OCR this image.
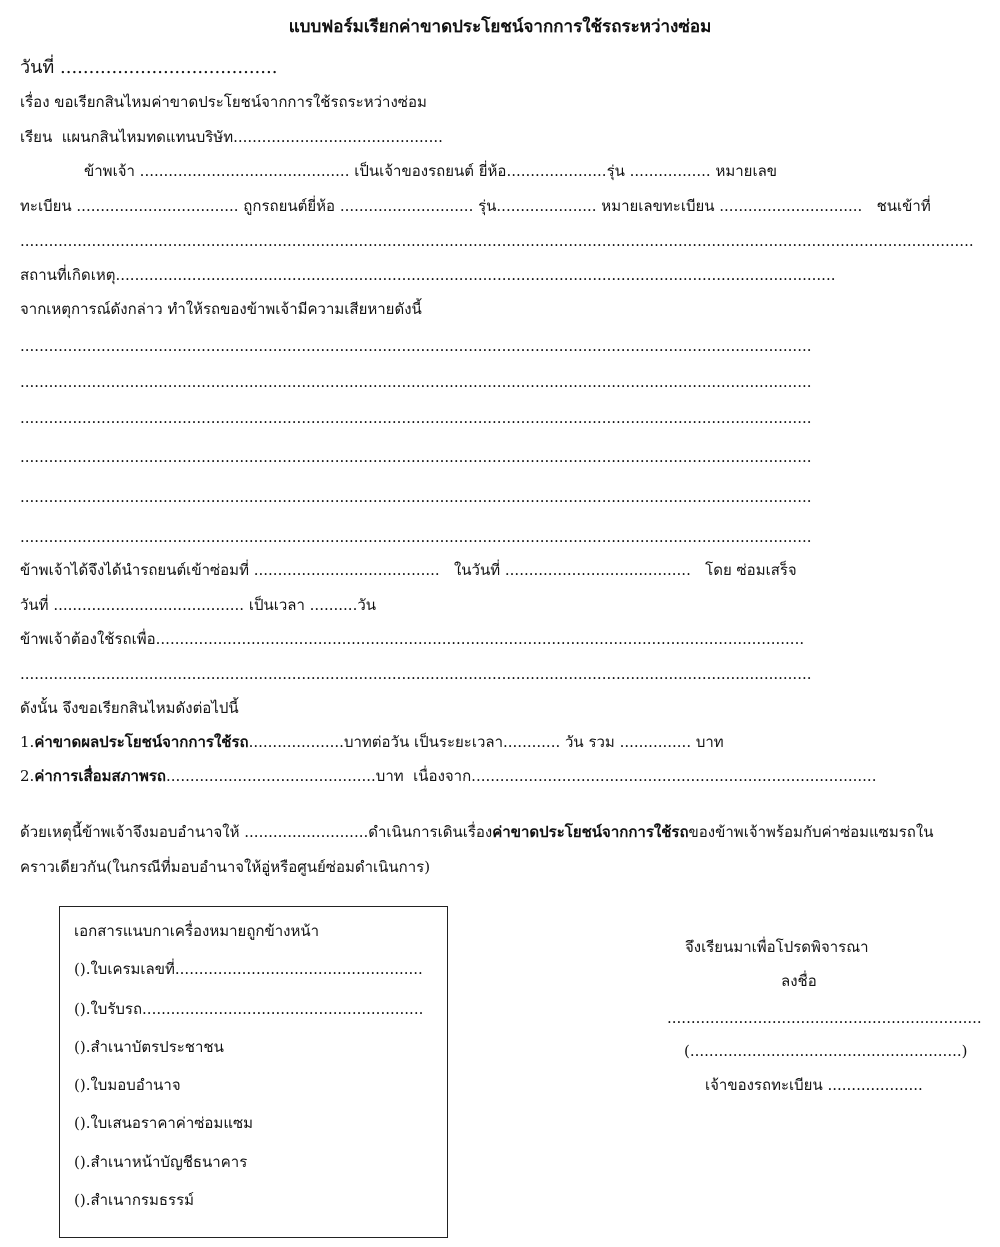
แบบฟอร์มเรียกค่าขาดประโยชน์จากการใช้รถระหว่างซ่อม
วันที่ ......................................
เรื่อง ขอเรียกสินไหมค่าขาดประโยชน์จากการใช้รถระหว่างซ่อม
เรียน  แผนกสินไหมทดแทนบริษัท............................................
ข้าพเจ้า ............................................ เป็นเจ้าของรถยนต์ ยี่ห้อ.....................รุ่น ................. หมายเลข
ทะเบียน .................................. ถูกรถยนต์ยี่ห้อ ............................ รุ่น..................... หมายเลขทะเบียน ..............................   ชนเข้าที่
........................................................................................................................................................................................................
สถานที่เกิดเหตุ.......................................................................................................................................................
จากเหตุการณ์ดังกล่าว ทำให้รถของข้าพเจ้ามีความเสียหายดังนี้
......................................................................................................................................................................
......................................................................................................................................................................
......................................................................................................................................................................
......................................................................................................................................................................
......................................................................................................................................................................
......................................................................................................................................................................
ข้าพเจ้าได้จึงได้นำรถยนต์เข้าซ่อมที่ .......................................   ในวันที่ .......................................   โดย ซ่อมเสร็จ
วันที่ ........................................ เป็นเวลา ..........วัน
ข้าพเจ้าต้องใช้รถเพื่อ........................................................................................................................................
......................................................................................................................................................................
ดังนั้น จึงขอเรียกสินไหมดังต่อไปนี้
1.ค่าขาดผลประโยชน์จากการใช้รถ....................บาทต่อวัน เป็นระยะเวลา............ วัน รวม ............... บาท
2.ค่าการเสื่อมสภาพรถ............................................บาท  เนื่องจาก.....................................................................................
ด้วยเหตุนี้ข้าพเจ้าจึงมอบอำนาจให้ ..........................ดำเนินการเดินเรื่องค่าขาดประโยชน์จากการใช้รถของข้าพเจ้าพร้อมกับค่าซ่อมแซมรถใน
คราวเดียวกัน(ในกรณีที่มอบอำนาจให้อู่หรือศูนย์ซ่อมดำเนินการ)
เอกสารแนบกาเครื่องหมายถูกข้างหน้า
().ใบเครมเลขที่....................................................
().ใบรับรถ...........................................................
().สำเนาบัตรประชาชน
().ใบมอบอำนาจ
().ใบเสนอราคาค่าซ่อมแซม
().สำเนาหน้าบัญชีธนาคาร
().สำเนากรมธรรม์
จึงเรียนมาเพื่อโปรดพิจารณา
ลงชื่อ
..................................................................
(.........................................................)
เจ้าของรถทะเบียน ....................
